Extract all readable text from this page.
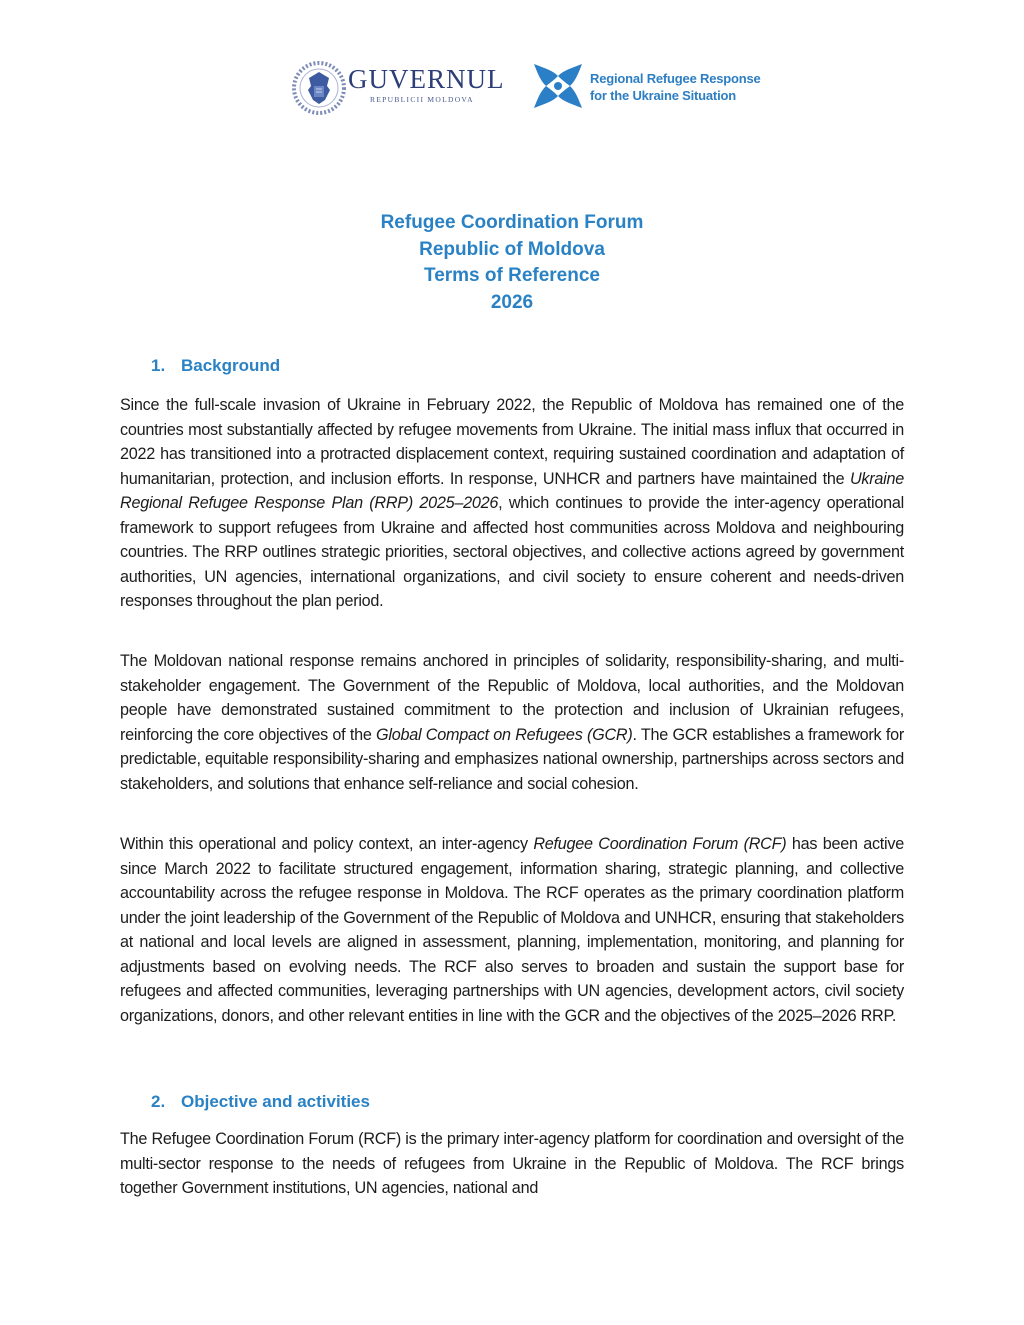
GUVERNUL
REPUBLICII MOLDOVA
Regional Refugee Response
for the Ukraine Situation
Refugee Coordination Forum
Republic of Moldova
Terms of Reference
2026
1. Background
Since the full-scale invasion of Ukraine in February 2022, the Republic of Moldova has remained one of the countries most substantially affected by refugee movements from Ukraine. The initial mass influx that occurred in 2022 has transitioned into a protracted displacement context, requiring sustained coordination and adaptation of humanitarian, protection, and inclusion efforts. In response, UNHCR and partners have maintained the Ukraine Regional Refugee Response Plan (RRP) 2025–2026, which continues to provide the inter-agency operational framework to support refugees from Ukraine and affected host communities across Moldova and neighbouring countries. The RRP outlines strategic priorities, sectoral objectives, and collective actions agreed by government authorities, UN agencies, international organizations, and civil society to ensure coherent and needs-driven responses throughout the plan period.
The Moldovan national response remains anchored in principles of solidarity, responsibility-sharing, and multi-stakeholder engagement. The Government of the Republic of Moldova, local authorities, and the Moldovan people have demonstrated sustained commitment to the protection and inclusion of Ukrainian refugees, reinforcing the core objectives of the Global Compact on Refugees (GCR). The GCR establishes a framework for predictable, equitable responsibility-sharing and emphasizes national ownership, partnerships across sectors and stakeholders, and solutions that enhance self-reliance and social cohesion.
Within this operational and policy context, an inter-agency Refugee Coordination Forum (RCF) has been active since March 2022 to facilitate structured engagement, information sharing, strategic planning, and collective accountability across the refugee response in Moldova. The RCF operates as the primary coordination platform under the joint leadership of the Government of the Republic of Moldova and UNHCR, ensuring that stakeholders at national and local levels are aligned in assessment, planning, implementation, monitoring, and planning for adjustments based on evolving needs. The RCF also serves to broaden and sustain the support base for refugees and affected communities, leveraging partnerships with UN agencies, development actors, civil society organizations, donors, and other relevant entities in line with the GCR and the objectives of the 2025–2026 RRP.
2. Objective and activities
The Refugee Coordination Forum (RCF) is the primary inter-agency platform for coordination and oversight of the multi-sector response to the needs of refugees from Ukraine in the Republic of Moldova. The RCF brings together Government institutions, UN agencies, national and
